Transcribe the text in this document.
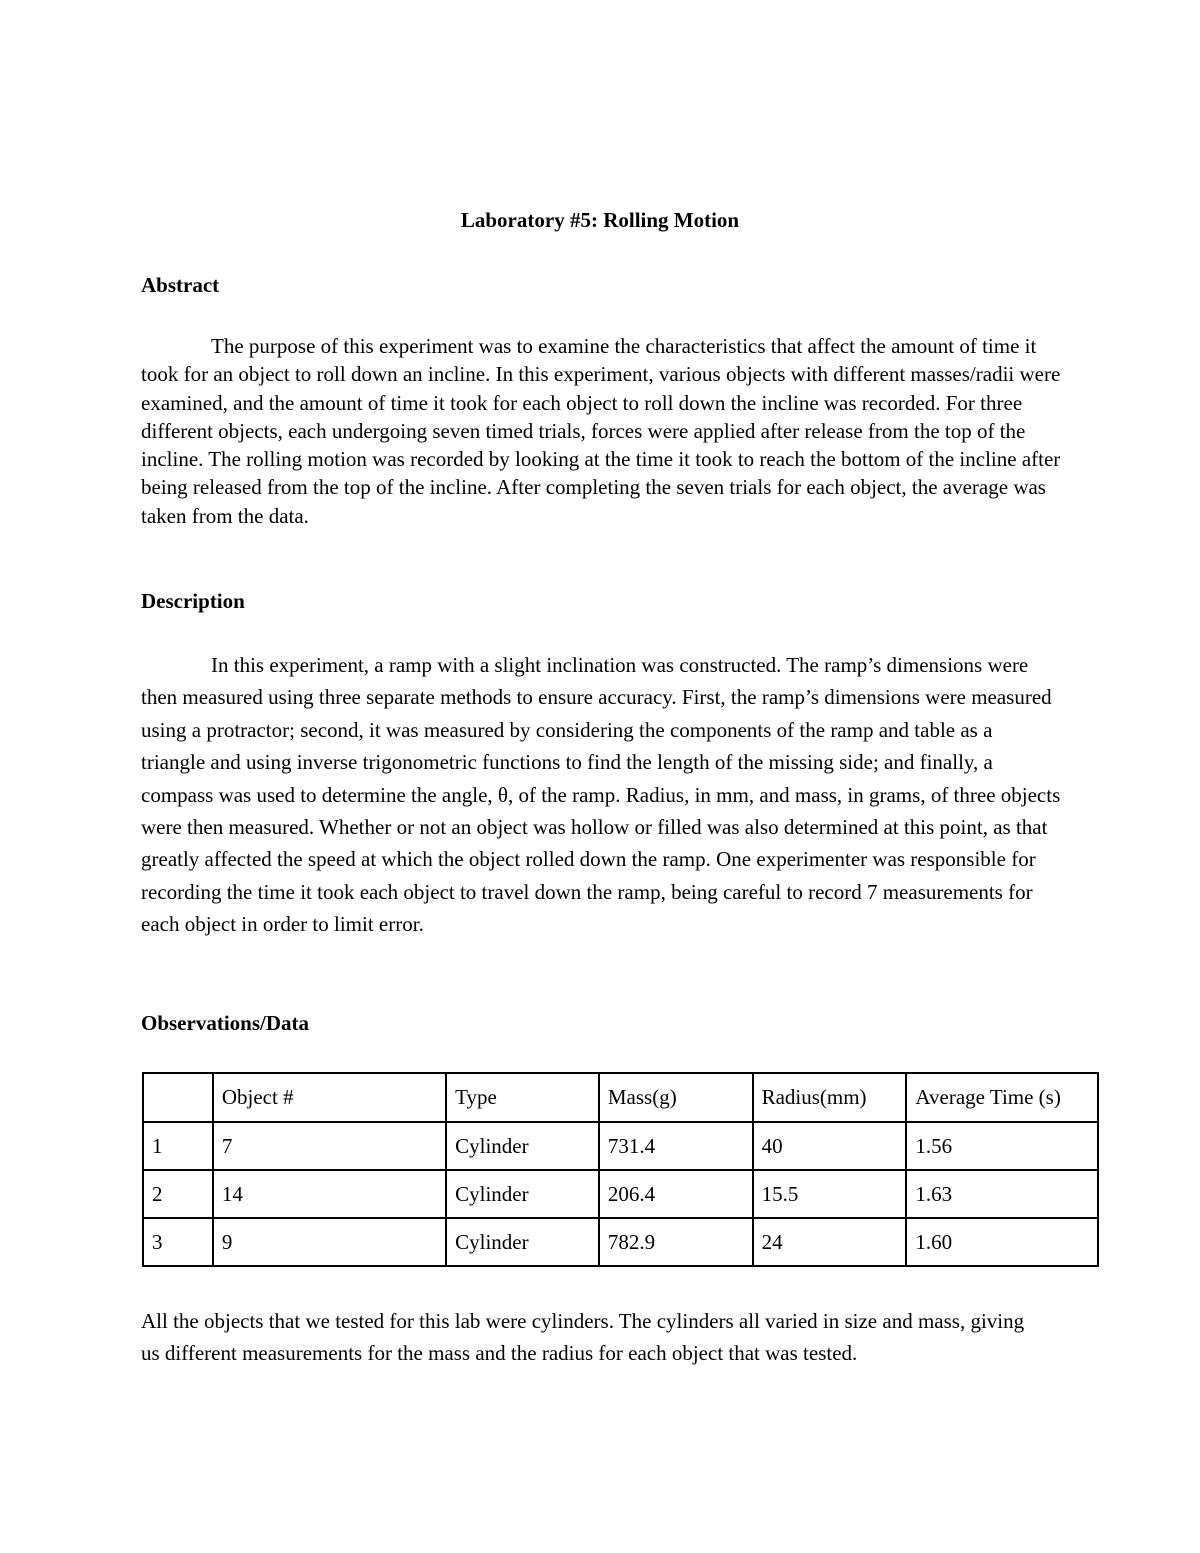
Laboratory #5: Rolling Motion
Abstract

The purpose of this experiment was to examine the characteristics that affect the amount of time it took for an object to roll down an incline. In this experiment, various objects with different masses/radii were examined, and the amount of time it took for each object to roll down the incline was recorded. For three different objects, each undergoing seven timed trials, forces were applied after release from the top of the incline. The rolling motion was recorded by looking at the time it took to reach the bottom of the incline after being released from the top of the incline. After completing the seven trials for each object, the average was taken from the data.

Description

In this experiment, a ramp with a slight inclination was constructed. The ramp’s dimensions were then measured using three separate methods to ensure accuracy. First, the ramp’s dimensions were measured using a protractor; second, it was measured by considering the components of the ramp and table as a triangle and using inverse trigonometric functions to find the length of the missing side; and finally, a compass was used to determine the angle, θ, of the ramp. Radius, in mm, and mass, in grams, of three objects were then measured. Whether or not an object was hollow or filled was also determined at this point, as that greatly affected the speed at which the object rolled down the ramp. One experimenter was responsible for recording the time it took each object to travel down the ramp, being careful to record 7 measurements for each object in order to limit error.

Observations/Data
	Object #	Type	Mass(g)	Radius(mm)	Average Time (s)
1	7	Cylinder	731.4	40	1.56
2	14	Cylinder	206.4	15.5	1.63
3	9	Cylinder	782.9	24	1.60

All the objects that we tested for this lab were cylinders. The cylinders all varied in size and mass, giving us different measurements for the mass and the radius for each object that was tested.
